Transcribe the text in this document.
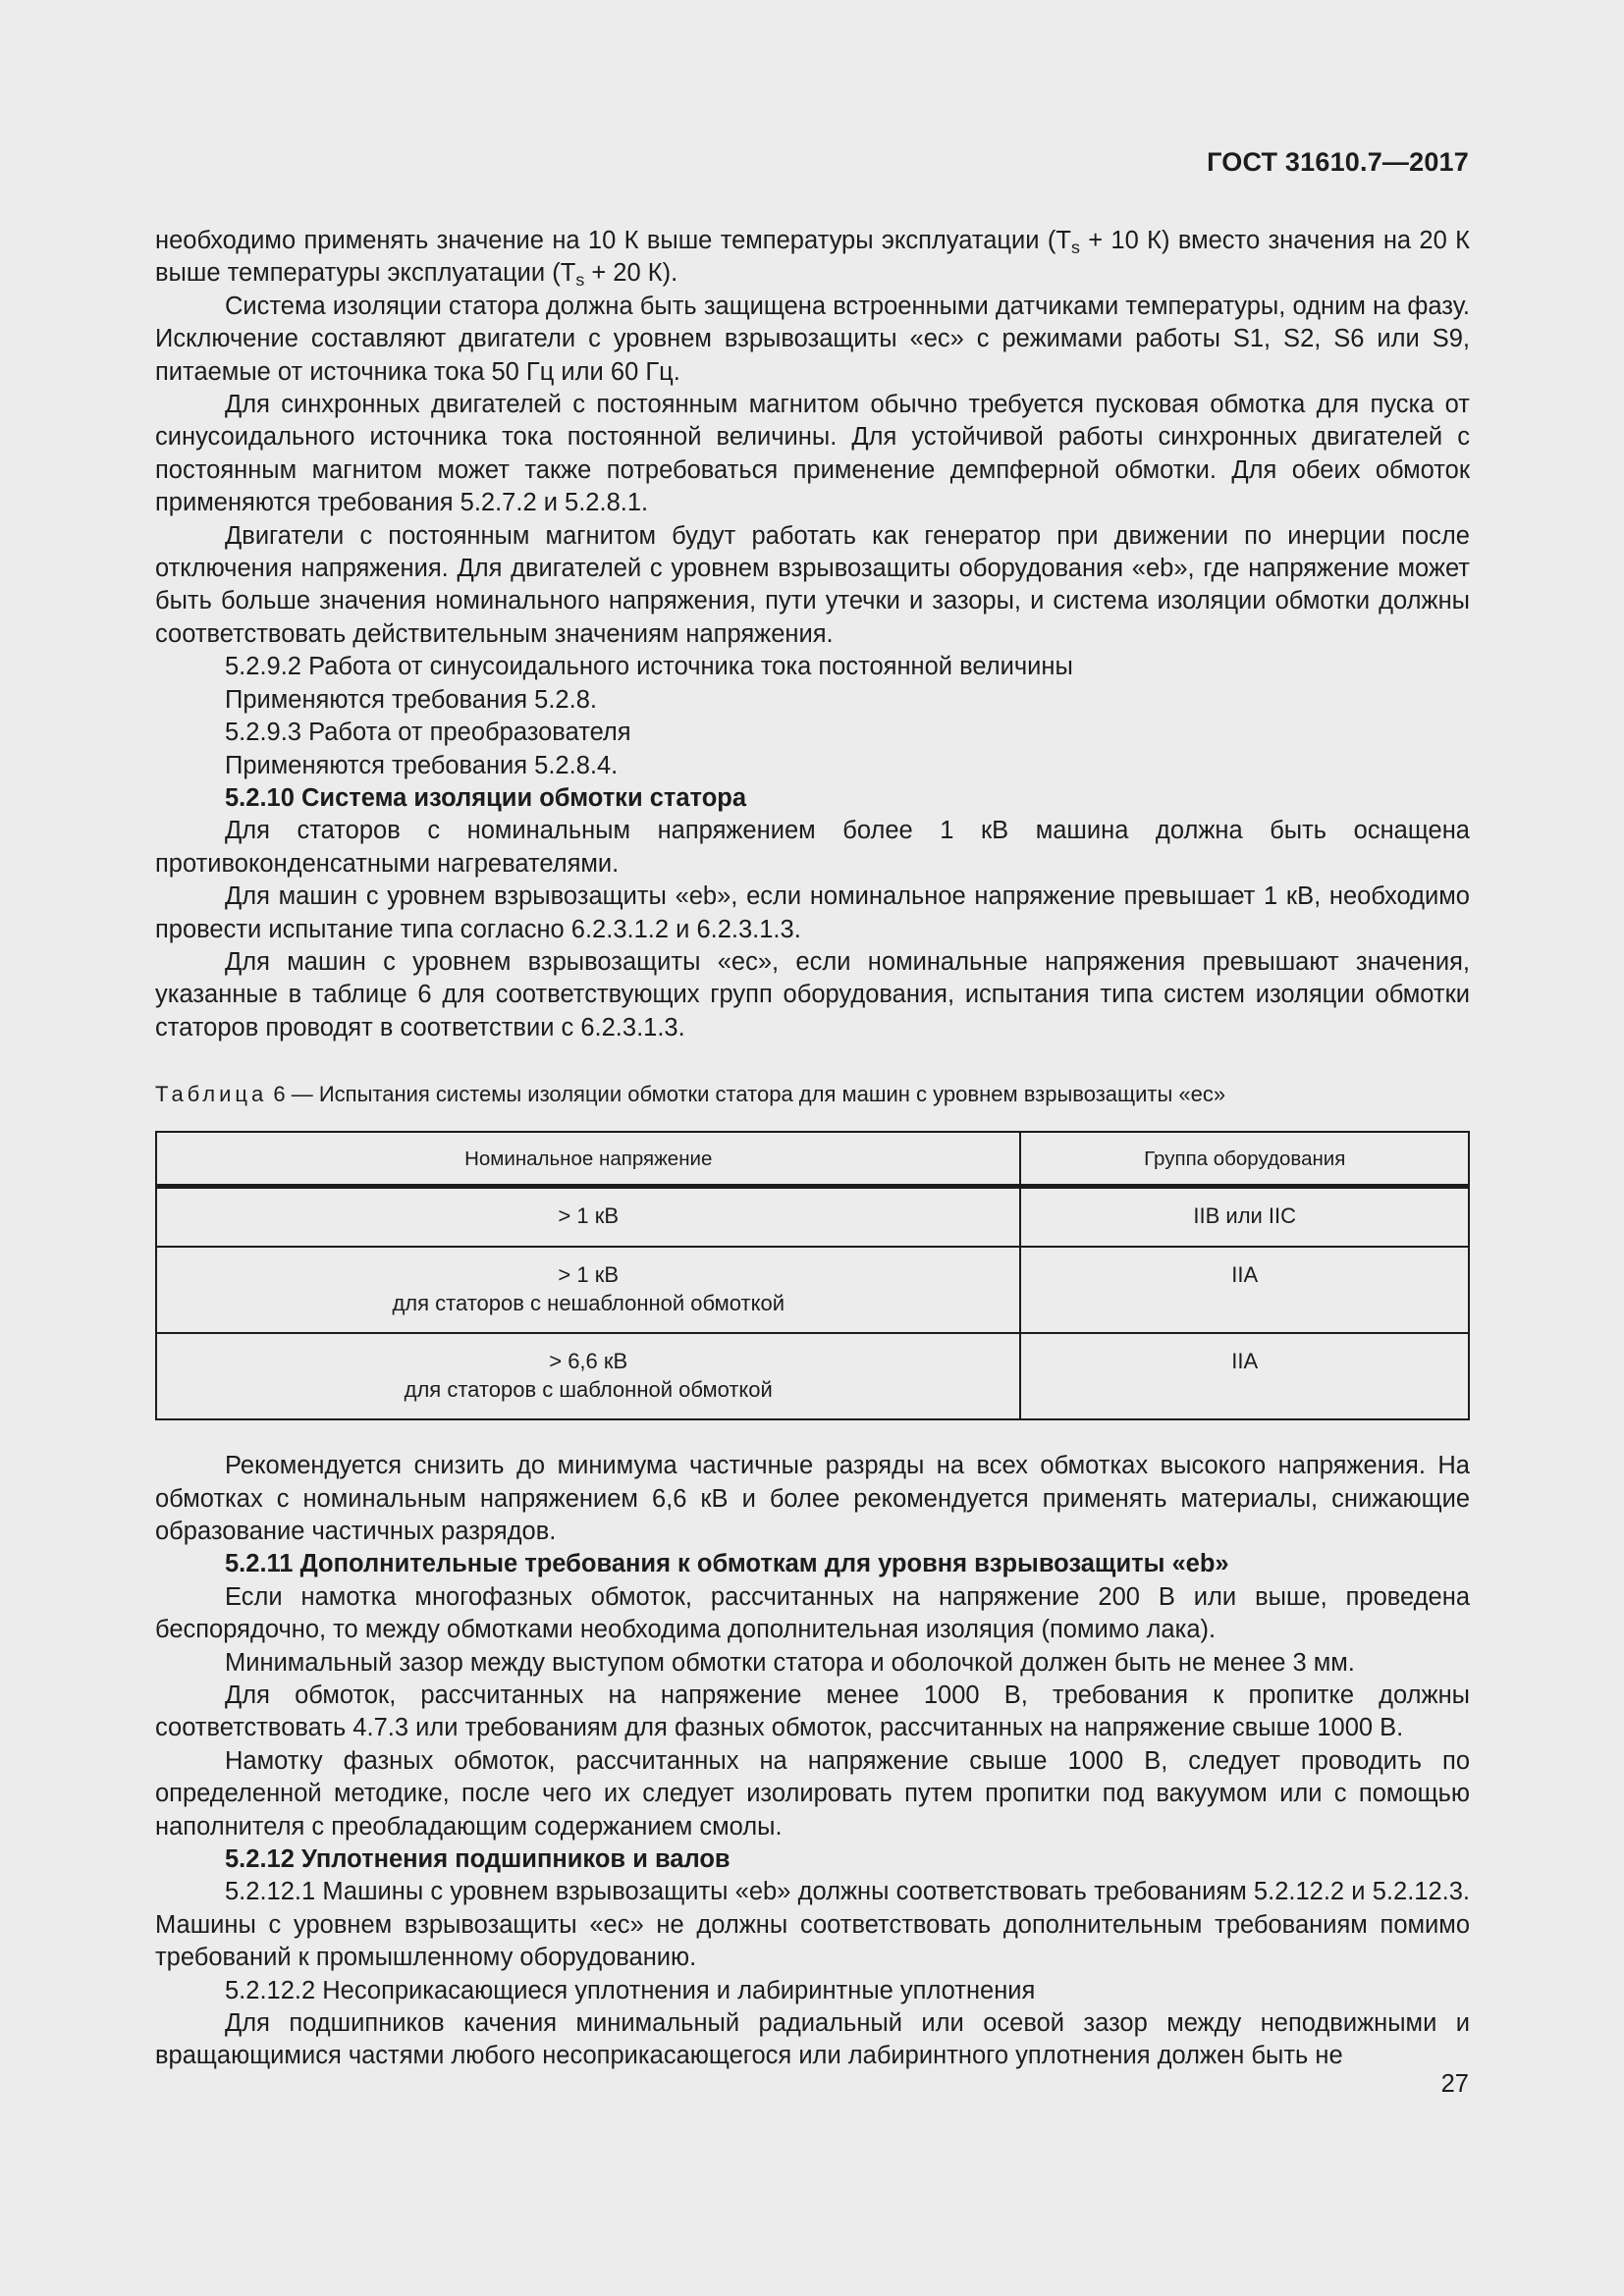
ГОСТ 31610.7—2017

необходимо применять значение на 10 К выше температуры эксплуатации ($T_s + 10$ К) вместо значения на 20 К выше температуры эксплуатации ($T_s + 20$ К).

Система изоляции статора должна быть защищена встроенными датчиками температуры, одним на фазу. Исключение составляют двигатели с уровнем взрывозащиты «ес» с режимами работы S1, S2, S6 или S9, питаемые от источника тока 50 Гц или 60 Гц.

Для синхронных двигателей с постоянным магнитом обычно требуется пусковая обмотка для пуска от синусоидального источника тока постоянной величины. Для устойчивой работы синхронных двигателей с постоянным магнитом может также потребоваться применение демпферной обмотки. Для обеих обмоток применяются требования 5.2.7.2 и 5.2.8.1.

Двигатели с постоянным магнитом будут работать как генератор при движении по инерции после отключения напряжения. Для двигателей с уровнем взрывозащиты оборудования «eb», где напряжение может быть больше значения номинального напряжения, пути утечки и зазоры, и система изоляции обмотки должны соответствовать действительным значениям напряжения.

5.2.9.2 Работа от синусоидального источника тока постоянной величины

Применяются требования 5.2.8.

5.2.9.3 Работа от преобразователя

Применяются требования 5.2.8.4.

5.2.10 Система изоляции обмотки статора

Для статоров с номинальным напряжением более 1 кВ машина должна быть оснащена противоконденсатными нагревателями.

Для машин с уровнем взрывозащиты «eb», если номинальное напряжение превышает 1 кВ, необходимо провести испытание типа согласно 6.2.3.1.2 и 6.2.3.1.3.

Для машин с уровнем взрывозащиты «ес», если номинальные напряжения превышают значения, указанные в таблице 6 для соответствующих групп оборудования, испытания типа систем изоляции обмотки статоров проводят в соответствии с 6.2.3.1.3.

Таблица 6 — Испытания системы изоляции обмотки статора для машин с уровнем взрывозащиты «ес»

Номинальное напряжение	Группа оборудования

> 1 кВ	IIB или IIC

> 1 кВ
для статоров с нешаблонной обмоткой	IIA

> 6,6 кВ
для статоров с шаблонной обмоткой	IIA

Рекомендуется снизить до минимума частичные разряды на всех обмотках высокого напряжения. На обмотках с номинальным напряжением 6,6 кВ и более рекомендуется применять материалы, снижающие образование частичных разрядов.

5.2.11 Дополнительные требования к обмоткам для уровня взрывозащиты «eb»

Если намотка многофазных обмоток, рассчитанных на напряжение 200 В или выше, проведена беспорядочно, то между обмотками необходима дополнительная изоляция (помимо лака).

Минимальный зазор между выступом обмотки статора и оболочкой должен быть не менее 3 мм.

Для обмоток, рассчитанных на напряжение менее 1000 В, требования к пропитке должны соответствовать 4.7.3 или требованиям для фазных обмоток, рассчитанных на напряжение свыше 1000 В.

Намотку фазных обмоток, рассчитанных на напряжение свыше 1000 В, следует проводить по определенной методике, после чего их следует изолировать путем пропитки под вакуумом или с помощью наполнителя с преобладающим содержанием смолы.

5.2.12 Уплотнения подшипников и валов

5.2.12.1 Машины с уровнем взрывозащиты «eb» должны соответствовать требованиям 5.2.12.2 и 5.2.12.3. Машины с уровнем взрывозащиты «ес» не должны соответствовать дополнительным требованиям помимо требований к промышленному оборудованию.

5.2.12.2 Несоприкасающиеся уплотнения и лабиринтные уплотнения

Для подшипников качения минимальный радиальный или осевой зазор между неподвижными и вращающимися частями любого несоприкасающегося или лабиринтного уплотнения должен быть не

27
